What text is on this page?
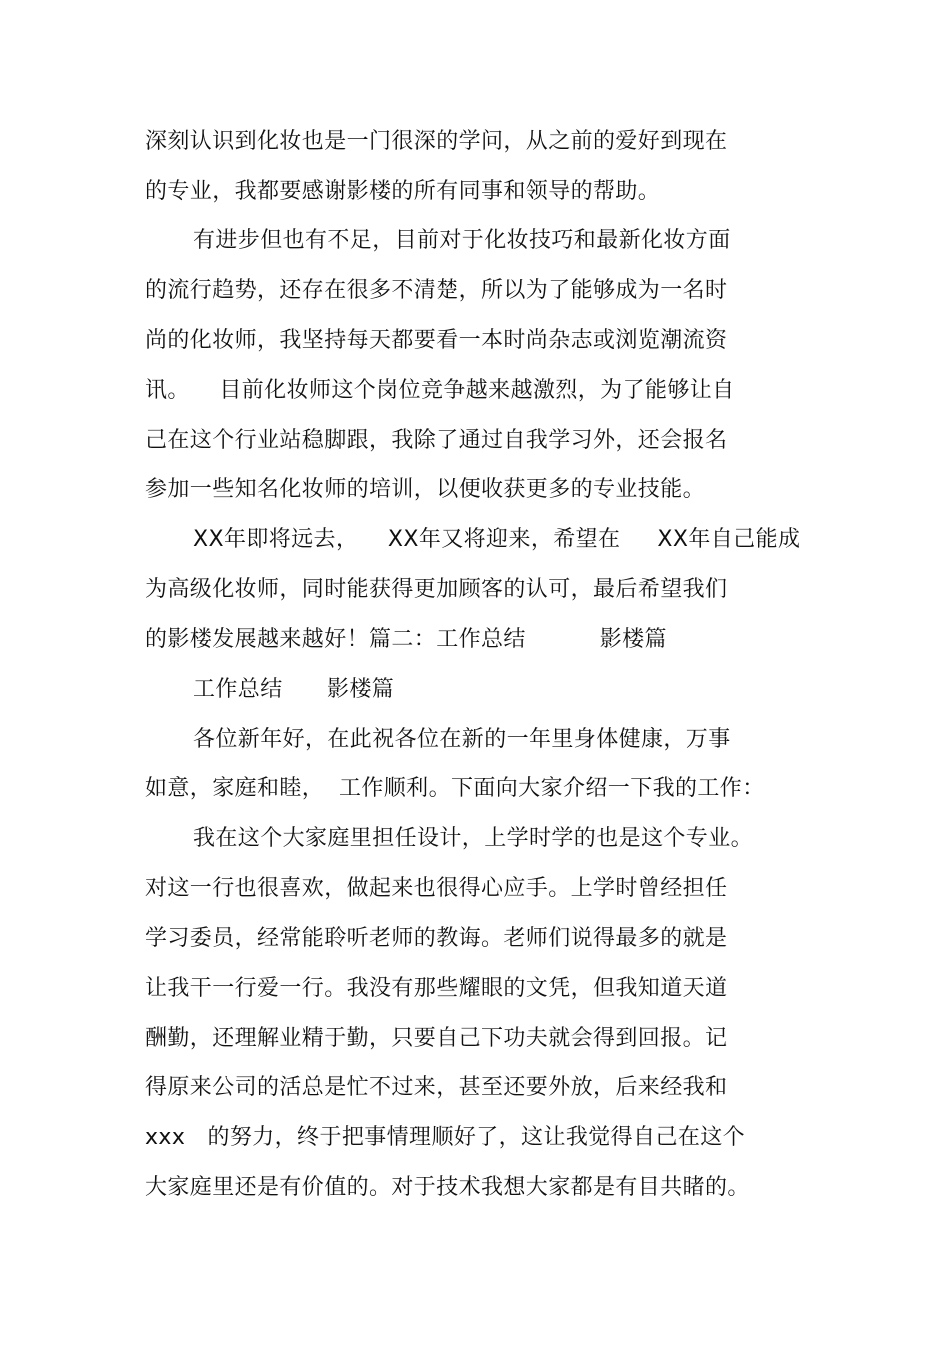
深刻认识到化妆也是一门很深的学问，从之前的爱好到现在
的专业，我都要感谢影楼的所有同事和领导的帮助。
有进步但也有不足，目前对于化妆技巧和最新化妆方面
的流行趋势，还存在很多不清楚，所以为了能够成为一名时
尚的化妆师，我坚持每天都要看一本时尚杂志或浏览潮流资
讯。    目前化妆师这个岗位竞争越来越激烈，为了能够让自
己在这个行业站稳脚跟，我除了通过自我学习外，还会报名
参加一些知名化妆师的培训，以便收获更多的专业技能。
XX年即将远去，    XX年又将迎来，希望在     XX年自己能成
为高级化妆师，同时能获得更加顾客的认可，最后希望我们
的影楼发展越来越好！篇二：工作总结          影楼篇
工作总结      影楼篇
各位新年好，在此祝各位在新的一年里身体健康，万事
如意，家庭和睦，  工作顺利。下面向大家介绍一下我的工作：
我在这个大家庭里担任设计，上学时学的也是这个专业。
对这一行也很喜欢，做起来也很得心应手。上学时曾经担任
学习委员，经常能聆听老师的教诲。老师们说得最多的就是
让我干一行爱一行。我没有那些耀眼的文凭，但我知道天道
酬勤，还理解业精于勤，只要自己下功夫就会得到回报。记
得原来公司的活总是忙不过来，甚至还要外放，后来经我和
xxx   的努力，终于把事情理顺好了，这让我觉得自己在这个
大家庭里还是有价值的。对于技术我想大家都是有目共睹的。
